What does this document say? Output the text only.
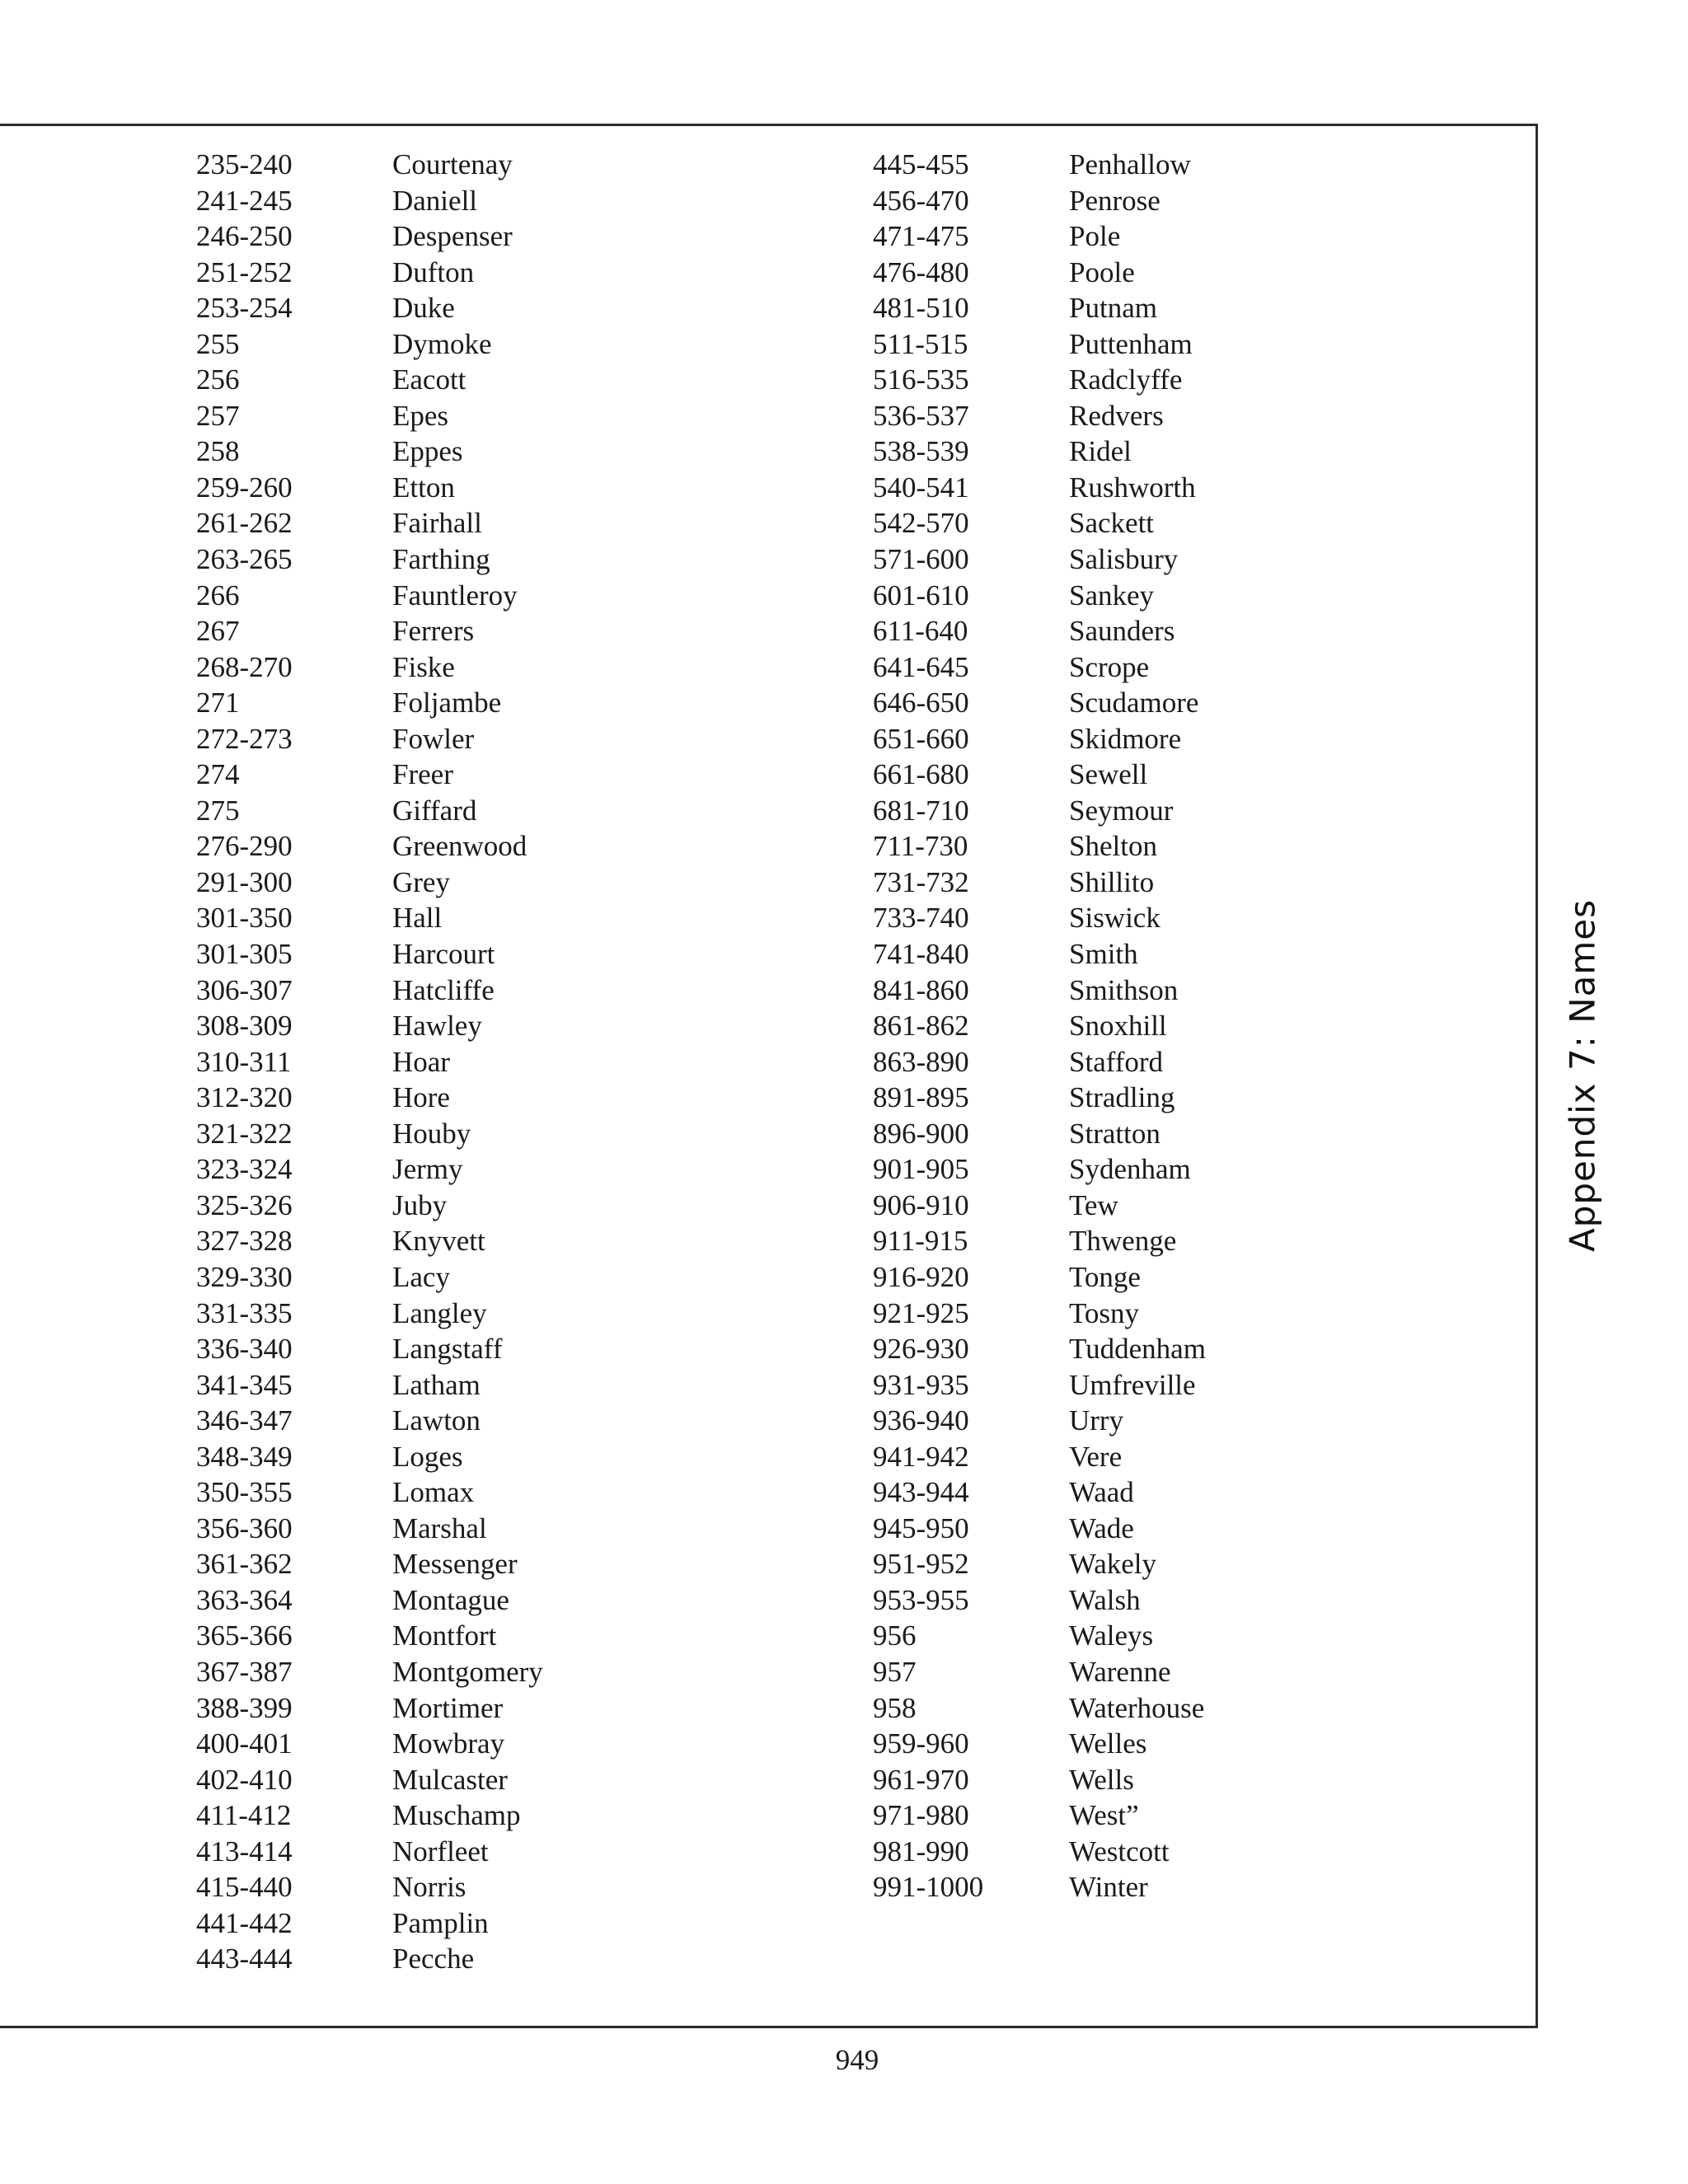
235-240	Courtenay
241-245	Daniell
246-250	Despenser
251-252	Dufton
253-254	Duke
255	Dymoke
256	Eacott
257	Epes
258	Eppes
259-260	Etton
261-262	Fairhall
263-265	Farthing
266	Fauntleroy
267	Ferrers
268-270	Fiske
271	Foljambe
272-273	Fowler
274	Freer
275	Giffard
276-290	Greenwood
291-300	Grey
301-350	Hall
301-305	Harcourt
306-307	Hatcliffe
308-309	Hawley
310-311	Hoar
312-320	Hore
321-322	Houby
323-324	Jermy
325-326	Juby
327-328	Knyvett
329-330	Lacy
331-335	Langley
336-340	Langstaff
341-345	Latham
346-347	Lawton
348-349	Loges
350-355	Lomax
356-360	Marshal
361-362	Messenger
363-364	Montague
365-366	Montfort
367-387	Montgomery
388-399	Mortimer
400-401	Mowbray
402-410	Mulcaster
411-412	Muschamp
413-414	Norfleet
415-440	Norris
441-442	Pamplin
443-444	Pecche
445-455	Penhallow
456-470	Penrose
471-475	Pole
476-480	Poole
481-510	Putnam
511-515	Puttenham
516-535	Radclyffe
536-537	Redvers
538-539	Ridel
540-541	Rushworth
542-570	Sackett
571-600	Salisbury
601-610	Sankey
611-640	Saunders
641-645	Scrope
646-650	Scudamore
651-660	Skidmore
661-680	Sewell
681-710	Seymour
711-730	Shelton
731-732	Shillito
733-740	Siswick
741-840	Smith
841-860	Smithson
861-862	Snoxhill
863-890	Stafford
891-895	Stradling
896-900	Stratton
901-905	Sydenham
906-910	Tew
911-915	Thwenge
916-920	Tonge
921-925	Tosny
926-930	Tuddenham
931-935	Umfreville
936-940	Urry
941-942	Vere
943-944	Waad
945-950	Wade
951-952	Wakely
953-955	Walsh
956	Waleys
957	Warenne
958	Waterhouse
959-960	Welles
961-970	Wells
971-980	West”
981-990	Westcott
991-1000	Winter
Appendix 7: Names
949
